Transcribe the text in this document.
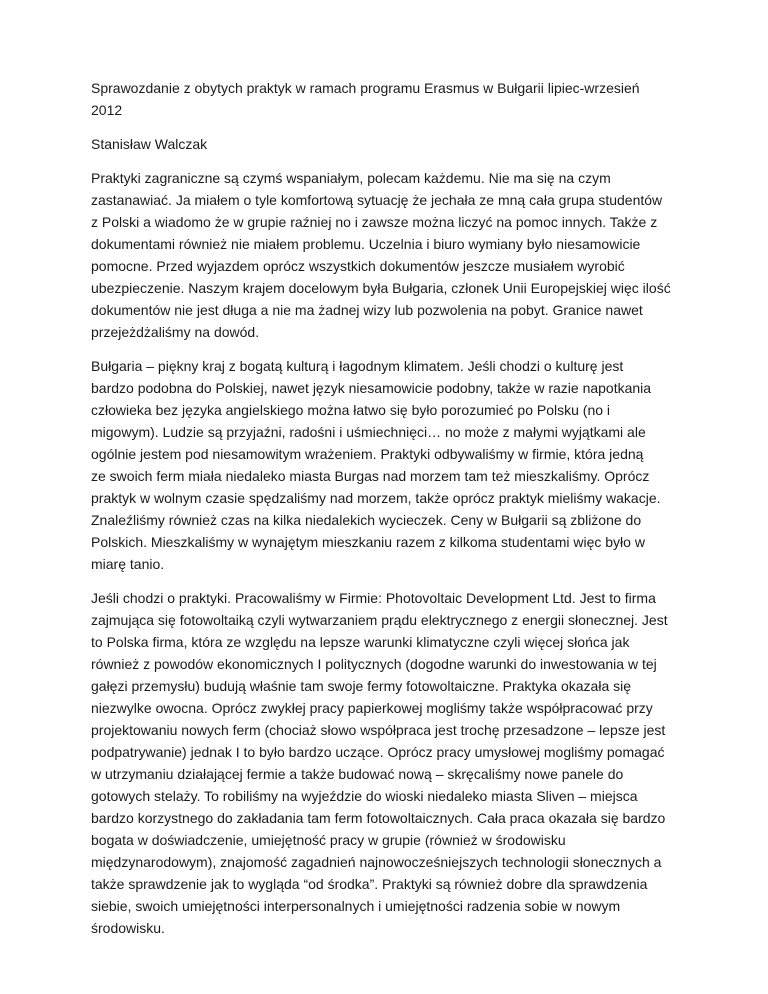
Sprawozdanie z obytych praktyk w ramach programu Erasmus w Bułgarii lipiec-wrzesień
2012

Stanisław Walczak

Praktyki zagraniczne są czymś wspaniałym, polecam każdemu. Nie ma się na czym
zastanawiać. Ja miałem o tyle komfortową sytuację że jechała ze mną cała grupa studentów
z Polski a wiadomo że w grupie raźniej no i zawsze można liczyć na pomoc innych. Także z
dokumentami również nie miałem problemu. Uczelnia i biuro wymiany było niesamowicie
pomocne. Przed wyjazdem oprócz wszystkich dokumentów jeszcze musiałem wyrobić
ubezpieczenie. Naszym krajem docelowym była Bułgaria, członek Unii Europejskiej więc ilość
dokumentów nie jest długa a nie ma żadnej wizy lub pozwolenia na pobyt. Granice nawet
przejeżdżaliśmy na dowód.

Bułgaria – piękny kraj z bogatą kulturą i łagodnym klimatem. Jeśli chodzi o kulturę jest
bardzo podobna do Polskiej, nawet język niesamowicie podobny, także w razie napotkania
człowieka bez języka angielskiego można łatwo się było porozumieć po Polsku (no i
migowym). Ludzie są przyjaźni, radośni i uśmiechnięci… no może z małymi wyjątkami ale
ogólnie jestem pod niesamowitym wrażeniem. Praktyki odbywaliśmy w firmie, która jedną
ze swoich ferm miała niedaleko miasta Burgas nad morzem tam też mieszkaliśmy. Oprócz
praktyk w wolnym czasie spędzaliśmy nad morzem, także oprócz praktyk mieliśmy wakacje.
Znaleźliśmy również czas na kilka niedalekich wycieczek. Ceny w Bułgarii są zbliżone do
Polskich. Mieszkaliśmy w wynajętym mieszkaniu razem z kilkoma studentami więc było w
miarę tanio.

Jeśli chodzi o praktyki. Pracowaliśmy w Firmie: Photovoltaic Development Ltd. Jest to firma
zajmująca się fotowoltaiką czyli wytwarzaniem prądu elektrycznego z energii słonecznej. Jest
to Polska firma, która ze względu na lepsze warunki klimatyczne czyli więcej słońca jak
również z powodów ekonomicznych I politycznych (dogodne warunki do inwestowania w tej
gałęzi przemysłu) budują właśnie tam swoje fermy fotowoltaiczne. Praktyka okazała się
niezwylke owocna. Oprócz zwykłej pracy papierkowej mogliśmy także współpracować przy
projektowaniu nowych ferm (chociaż słowo współpraca jest trochę przesadzone – lepsze jest
podpatrywanie) jednak I to było bardzo uczące. Oprócz pracy umysłowej mogliśmy pomagać
w utrzymaniu działającej fermie a także budować nową – skręcaliśmy nowe panele do
gotowych stelaży. To robiliśmy na wyjeździe do wioski niedaleko miasta Sliven – miejsca
bardzo korzystnego do zakładania tam ferm fotowoltaicznych. Cała praca okazała się bardzo
bogata w doświadczenie, umiejętność pracy w grupie (również w środowisku
międzynarodowym), znajomość zagadnień najnowocześniejszych technologii słonecznych a
także sprawdzenie jak to wygląda “od środka”. Praktyki są również dobre dla sprawdzenia
siebie, swoich umiejętności interpersonalnych i umiejętności radzenia sobie w nowym
środowisku.
